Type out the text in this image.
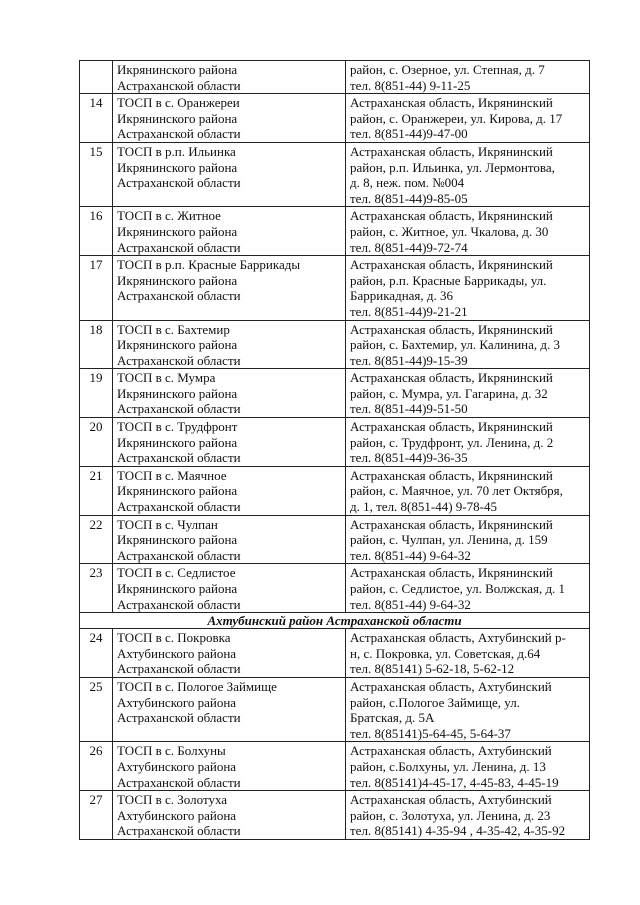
	Икрянинского района
Астраханской области	район, с. Озерное, ул. Степная, д. 7
тел. 8(851-44) 9-11-25
14	ТОСП в с. Оранжереи
Икрянинского района
Астраханской области	Астраханская область, Икрянинский
район, с. Оранжереи, ул. Кирова, д. 17
тел. 8(851-44)9-47-00
15	ТОСП в р.п. Ильинка
Икрянинского района
Астраханской области	Астраханская область, Икрянинский
район, р.п. Ильинка, ул. Лермонтова,
д. 8, неж. пом. №004
тел. 8(851-44)9-85-05
16	ТОСП в с. Житное
Икрянинского района
Астраханской области	Астраханская область, Икрянинский
район, с. Житное, ул. Чкалова, д. 30
тел. 8(851-44)9-72-74
17	ТОСП в р.п. Красные Баррикады
Икрянинского района
Астраханской области	Астраханская область, Икрянинский
район, р.п. Красные Баррикады, ул.
Баррикадная, д. 36
тел. 8(851-44)9-21-21
18	ТОСП в с. Бахтемир
Икрянинского района
Астраханской области	Астраханская область, Икрянинский
район, с. Бахтемир, ул. Калинина, д. 3
тел. 8(851-44)9-15-39
19	ТОСП в с. Мумра
Икрянинского района
Астраханской области	Астраханская область, Икрянинский
район, с. Мумра, ул. Гагарина, д. 32
тел. 8(851-44)9-51-50
20	ТОСП в с. Трудфронт
Икрянинского района
Астраханской области	Астраханская область, Икрянинский
район, с. Трудфронт, ул. Ленина, д. 2
тел. 8(851-44)9-36-35
21	ТОСП в с. Маячное
Икрянинского района
Астраханской области	Астраханская область, Икрянинский
район, с. Маячное, ул. 70 лет Октября,
д. 1, тел. 8(851-44) 9-78-45
22	ТОСП в с. Чулпан
Икрянинского района
Астраханской области	Астраханская область, Икрянинский
район, с. Чулпан, ул. Ленина, д. 159
тел. 8(851-44) 9-64-32
23	ТОСП в с. Седлистое
Икрянинского района
Астраханской области	Астраханская область, Икрянинский
район, с. Седлистое, ул. Волжская, д. 1
тел. 8(851-44) 9-64-32
Ахтубинский район Астраханской области		
24	ТОСП в с. Покровка
Ахтубинского района
Астраханской области	Астраханская область, Ахтубинский р-
н, с. Покровка, ул. Советская, д.64
тел. 8(85141) 5-62-18, 5-62-12
25	ТОСП в с. Пологое Займище
Ахтубинского района
Астраханской области	Астраханская область, Ахтубинский
район, с.Пологое Займище, ул.
Братская, д. 5А
тел. 8(85141)5-64-45, 5-64-37
26	ТОСП в с. Болхуны
Ахтубинского района
Астраханской области	Астраханская область, Ахтубинский
район, с.Болхуны, ул. Ленина, д. 13
тел. 8(85141)4-45-17, 4-45-83, 4-45-19
27	ТОСП в с. Золотуха
Ахтубинского района
Астраханской области	Астраханская область, Ахтубинский
район, с. Золотуха, ул. Ленина, д. 23
тел. 8(85141) 4-35-94 , 4-35-42, 4-35-92
